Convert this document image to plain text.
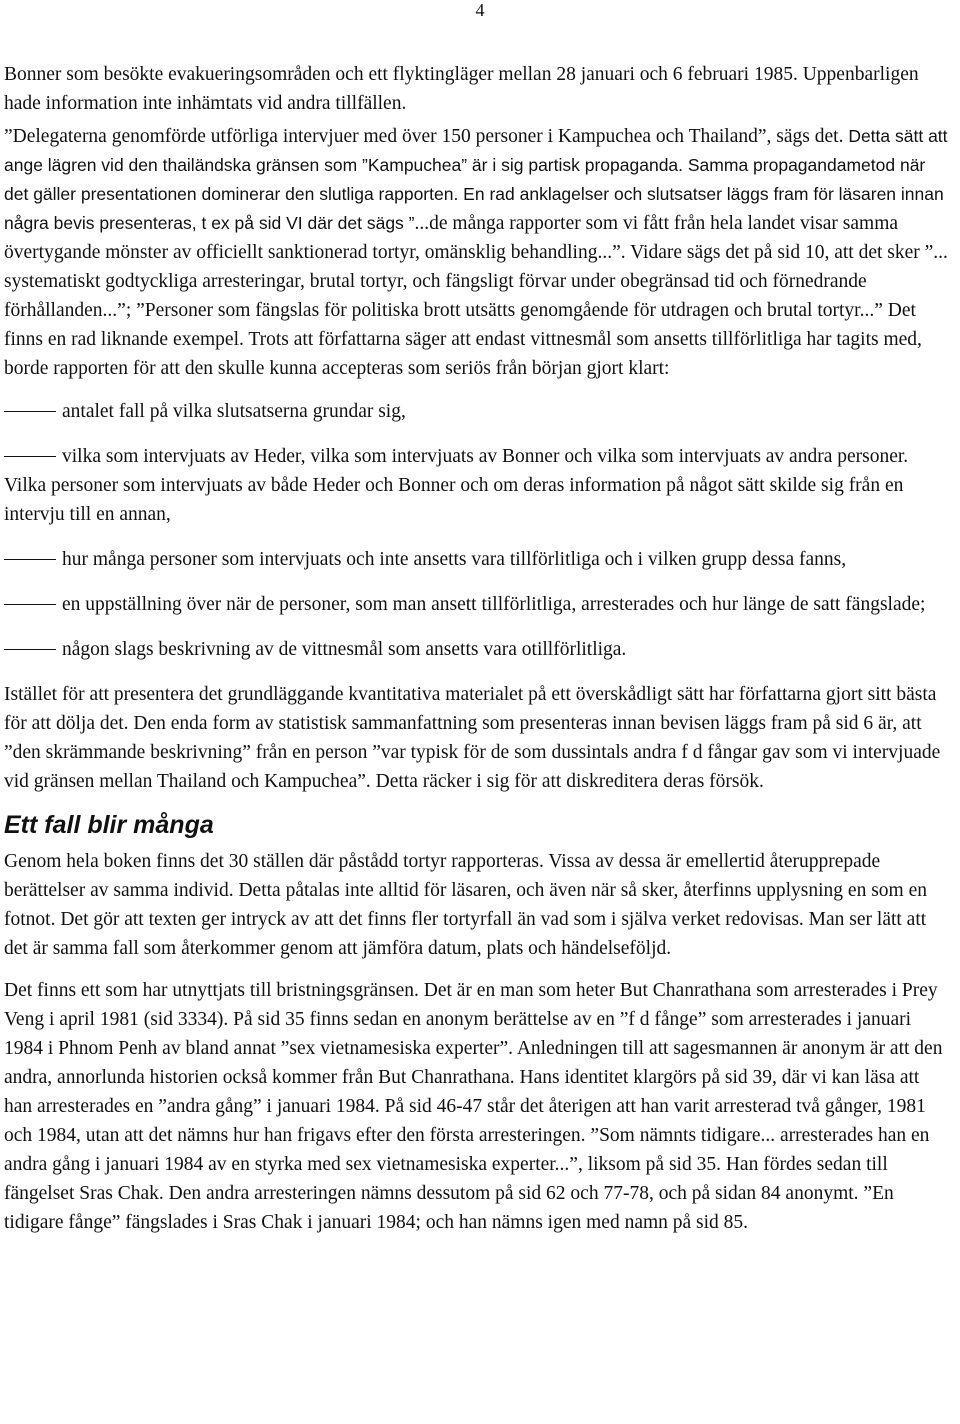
4

Bonner som besökte evakueringsområden och ett flyktingläger mellan 28 januari och 6 februari 1985. Uppenbarligen hade information inte inhämtats vid andra tillfällen.

”Delegaterna genomförde utförliga intervjuer med över 150 personer i Kampuchea och Thailand”, sägs det. Detta sätt att ange lägren vid den thailändska gränsen som ”Kampuchea” är i sig partisk propaganda. Samma propagandametod när det gäller presentationen dominerar den slutliga rapporten. En rad anklagelser och slutsatser läggs fram för läsaren innan några bevis presenteras, t ex på sid VI där det sägs ”...de många rapporter som vi fått från hela landet visar samma övertygande mönster av officiellt sanktionerad tortyr, omänsklig behandling...”. Vidare sägs det på sid 10, att det sker ”... systematiskt godtyckliga arresteringar, brutal tortyr, och fängsligt förvar under obegränsad tid och förnedrande förhållanden...”; ”Personer som fängslas för politiska brott utsätts genomgående för utdragen och brutal tortyr...” Det finns en rad liknande exempel. Trots att författarna säger att endast vittnesmål som ansetts tillförlitliga har tagits med, borde rapporten för att den skulle kunna accepteras som seriös från början gjort klart:

antalet fall på vilka slutsatserna grundar sig,
vilka som intervjuats av Heder, vilka som intervjuats av Bonner och vilka som intervjuats av andra personer. Vilka personer som intervjuats av både Heder och Bonner och om deras information på något sätt skilde sig från en intervju till en annan,
hur många personer som intervjuats och inte ansetts vara tillförlitliga och i vilken grupp dessa fanns,
en uppställning över när de personer, som man ansett tillförlitliga, arresterades och hur länge de satt fängslade;
någon slags beskrivning av de vittnesmål som ansetts vara otillförlitliga.

Istället för att presentera det grundläggande kvantitativa materialet på ett överskådligt sätt har författarna gjort sitt bästa för att dölja det. Den enda form av statistisk sammanfattning som presenteras innan bevisen läggs fram på sid 6 är, att ”den skrämmande beskrivning” från en person ”var typisk för de som dussintals andra f d fångar gav som vi intervjuade vid gränsen mellan Thailand och Kampuchea”. Detta räcker i sig för att diskreditera deras försök.

Ett fall blir många

Genom hela boken finns det 30 ställen där påstådd tortyr rapporteras. Vissa av dessa är emellertid återupprepade berättelser av samma individ. Detta påtalas inte alltid för läsaren, och även när så sker, återfinns upplysning en som en fotnot. Det gör att texten ger intryck av att det finns fler tortyrfall än vad som i själva verket redovisas. Man ser lätt att det är samma fall som återkommer genom att jämföra datum, plats och händelseföljd.

Det finns ett som har utnyttjats till bristningsgränsen. Det är en man som heter But Chanrathana som arresterades i Prey Veng i april 1981 (sid 3334). På sid 35 finns sedan en anonym berättelse av en ”f d fånge” som arresterades i januari 1984 i Phnom Penh av bland annat ”sex vietnamesiska experter”. Anledningen till att sagesmannen är anonym är att den andra, annorlunda historien också kommer från But Chanrathana. Hans identitet klargörs på sid 39, där vi kan läsa att han arresterades en ”andra gång” i januari 1984. På sid 46-47 står det återigen att han varit arresterad två gånger, 1981 och 1984, utan att det nämns hur han frigavs efter den första arresteringen. ”Som nämnts tidigare... arresterades han en andra gång i januari 1984 av en styrka med sex vietnamesiska experter...”, liksom på sid 35. Han fördes sedan till fängelset Sras Chak. Den andra arresteringen nämns dessutom på sid 62 och 77-78, och på sidan 84 anonymt. ”En tidigare fånge” fängslades i Sras Chak i januari 1984; och han nämns igen med namn på sid 85.
